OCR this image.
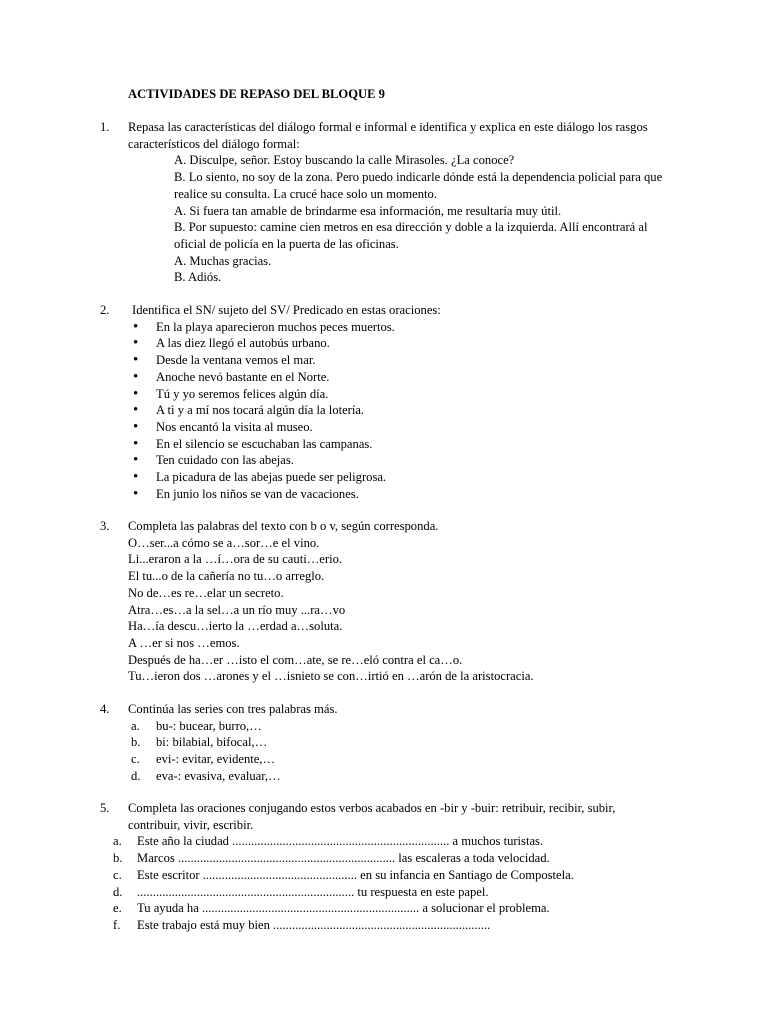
ACTIVIDADES DE REPASO DEL BLOQUE 9
1.	Repasa las características del diálogo formal e informal e identifica y explica en este diálogo los rasgos característicos del diálogo formal:
A. Disculpe, señor. Estoy buscando la calle Mirasoles. ¿La conoce?
B. Lo siento, no soy de la zona. Pero puedo indicarle dónde está la dependencia policial para que realice su consulta. La crucé hace solo un momento.
A. Si fuera tan amable de brindarme esa información, me resultaría muy útil.
B. Por supuesto: camine cien metros en esa dirección y doble a la izquierda. Allí encontrará al oficial de policía en la puerta de las oficinas.
A. Muchas gracias.
B. Adiós.
2.	Identifica el SN/ sujeto del SV/ Predicado en estas oraciones:
• En la playa aparecieron muchos peces muertos.
• A las diez llegó el autobús urbano.
• Desde la ventana vemos el mar.
• Anoche nevó bastante en el Norte.
• Tú y yo seremos felices algún día.
• A ti y a mí nos tocará algún día la lotería.
• Nos encantó la visita al museo.
• En el silencio se escuchaban las campanas.
• Ten cuidado con las abejas.
• La picadura de las abejas puede ser peligrosa.
• En junio los niños se van de vacaciones.
3.	Completa las palabras del texto con b o v, según corresponda.
O…ser...a cómo se a…sor…e el vino.
Li...eraron a la …í…ora de su cauti…erio.
El tu...o de la cañería no tu…o arreglo.
No de…es re…elar un secreto.
Atra…es…a la sel…a un río muy ...ra…vo
Ha…ía descu…ierto la …erdad a…soluta.
A …er si nos …emos.
Después de ha…er …isto el com…ate, se re…eló contra el ca…o.
Tu…ieron dos …arones y el …isnieto se con…irtió en …arón de la aristocracia.
4.	Continúa las series con tres palabras más.
a.	bu-: bucear, burro,…
b.	bi: bilabial, bifocal,…
c.	evi-: evitar, evidente,…
d.	eva-: evasiva, evaluar,…
5.	Completa las oraciones conjugando estos verbos acabados en -bir y -buir: retribuir, recibir, subir, contribuir, vivir, escribir.
a.	Este año la ciudad ..................................................................... a muchos turistas.
b.	Marcos ..................................................................... las escaleras a toda velocidad.
c.	Este escritor ................................................. en su infancia en Santiago de Compostela.
d.	..................................................................... tu respuesta en este papel.
e.	Tu ayuda ha ..................................................................... a solucionar el problema.
f.	Este trabajo está muy bien .....................................................................
